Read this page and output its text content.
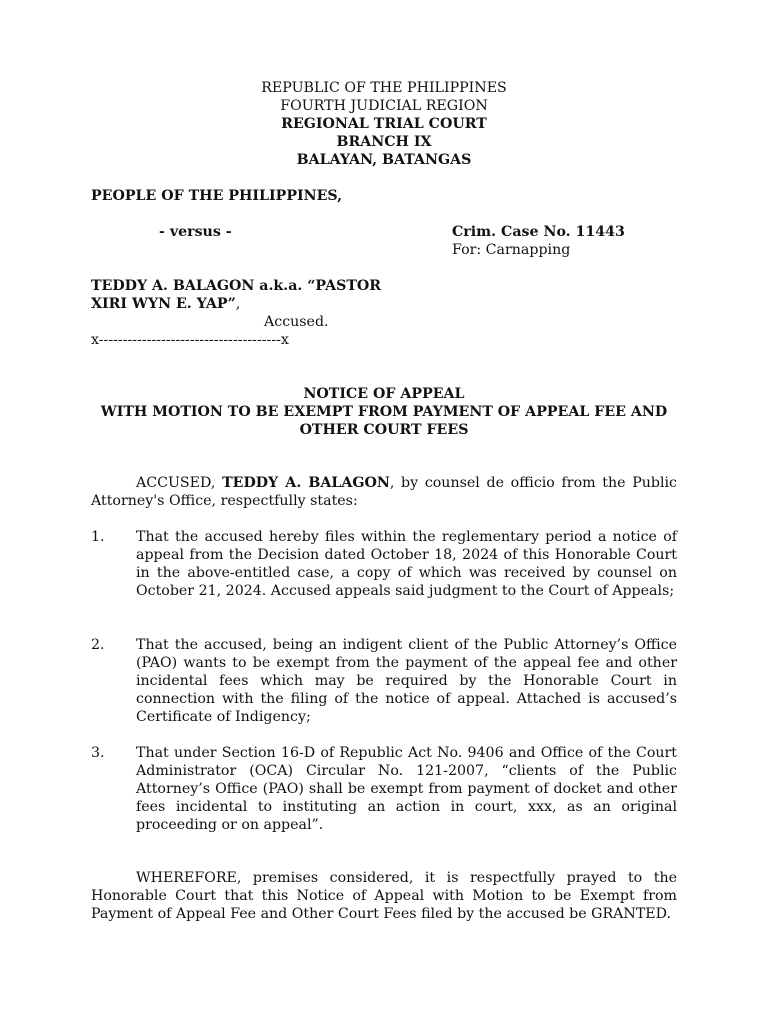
REPUBLIC OF THE PHILIPPINES
FOURTH JUDICIAL REGION
REGIONAL TRIAL COURT
BRANCH IX
BALAYAN, BATANGAS
PEOPLE OF THE PHILIPPINES,
- versus -	Crim. Case No. 11443
For: Carnapping
TEDDY A. BALAGON a.k.a. “PASTOR
XIRI WYN E. YAP”,
Accused.
x--------------------------------------x
NOTICE OF APPEAL
WITH MOTION TO BE EXEMPT FROM PAYMENT OF APPEAL FEE AND
OTHER COURT FEES
ACCUSED, TEDDY A. BALAGON, by counsel de officio from the Public Attorney's Office, respectfully states:
1. That the accused hereby files within the reglementary period a notice of appeal from the Decision dated October 18, 2024 of this Honorable Court in the above-entitled case, a copy of which was received by counsel on October 21, 2024. Accused appeals said judgment to the Court of Appeals;
2. That the accused, being an indigent client of the Public Attorney’s Office (PAO) wants to be exempt from the payment of the appeal fee and other incidental fees which may be required by the Honorable Court in connection with the filing of the notice of appeal. Attached is accused’s Certificate of Indigency;
3. That under Section 16-D of Republic Act No. 9406 and Office of the Court Administrator (OCA) Circular No. 121-2007, “clients of the Public Attorney’s Office (PAO) shall be exempt from payment of docket and other fees incidental to instituting an action in court, xxx, as an original proceeding or on appeal”.
WHEREFORE, premises considered, it is respectfully prayed to the Honorable Court that this Notice of Appeal with Motion to be Exempt from Payment of Appeal Fee and Other Court Fees filed by the accused be GRANTED.
